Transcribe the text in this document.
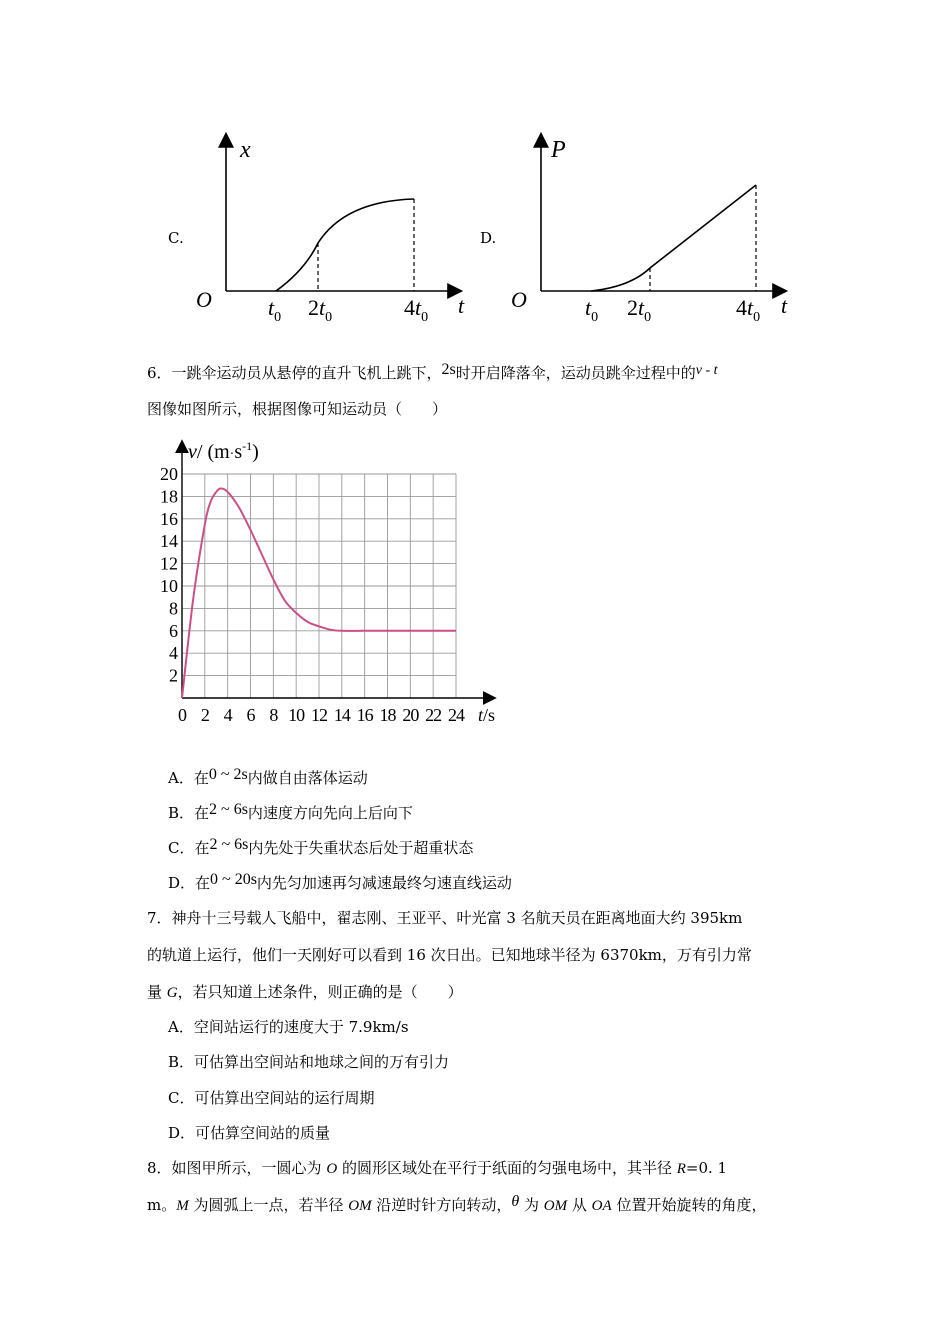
C.
x
O	t
$t_0$ $2t_0$	$4t_0$
D.
P
O	t
$t_0$ $2t_0$	$4t_0$
6．一跳伞运动员从悬停的直升飞机上跳下，2s时开启降落伞，运动员跳伞过程中的v - t
图像如图所示，根据图像可知运动员（　　）
0 2 4 6 8 10 12 14 16 18 20 22 24
2
4
6
8
10
12
14
16
18
20
v/ $(m\cdot s^{-1})$
t/s
A．在0 ~ 2s内做自由落体运动
B．在2 ~ 6s内速度方向先向上后向下
C．在2 ~ 6s内先处于失重状态后处于超重状态
D．在0 ~ 20s内先匀加速再匀减速最终匀速直线运动
7．神舟十三号载人飞船中，翟志刚、王亚平、叶光富 3 名航天员在距离地面大约 395km
的轨道上运行，他们一天刚好可以看到 16 次日出。已知地球半径为 6370km，万有引力常
量 G，若只知道上述条件，则正确的是（　　）
A．空间站运行的速度大于 7.9km/s
B．可估算出空间站和地球之间的万有引力
C．可估算出空间站的运行周期
D．可估算空间站的质量
8．如图甲所示，一圆心为 O 的圆形区域处在平行于纸面的匀强电场中，其半径 R=0. 1
m。M 为圆弧上一点，若半径 OM 沿逆时针方向转动，θ 为 OM 从 OA 位置开始旋转的角度，
